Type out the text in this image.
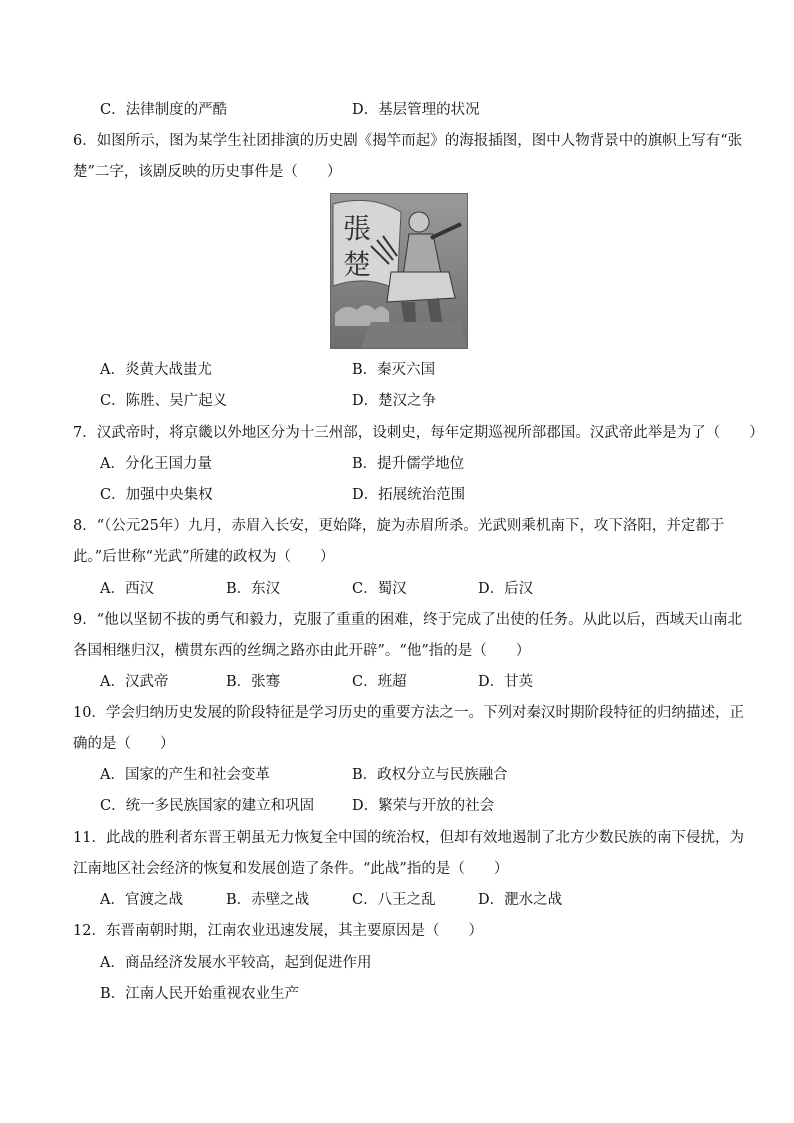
C．法律制度的严酷	D．基层管理的状况
6．如图所示，图为某学生社团排演的历史剧《揭竿而起》的海报插图，图中人物背景中的旗帜上写有“张
楚”二字，该剧反映的历史事件是（　　）
張
楚
A．炎黄大战蚩尤	B．秦灭六国
C．陈胜、吴广起义	D．楚汉之争
7．汉武帝时，将京畿以外地区分为十三州部，设刺史，每年定期巡视所部郡国。汉武帝此举是为了（　　）
A．分化王国力量	B．提升儒学地位
C．加强中央集权	D．拓展统治范围
8．“（公元25年）九月，赤眉入长安，更始降，旋为赤眉所杀。光武则乘机南下，攻下洛阳，并定都于
此。”后世称“光武”所建的政权为（　　）
A．西汉	B．东汉	C．蜀汉	D．后汉
9．“他以坚韧不拔的勇气和毅力，克服了重重的困难，终于完成了出使的任务。从此以后，西域天山南北
各国相继归汉，横贯东西的丝绸之路亦由此开辟”。“他”指的是（　　）
A．汉武帝	B．张骞	C．班超	D．甘英
10．学会归纳历史发展的阶段特征是学习历史的重要方法之一。下列对秦汉时期阶段特征的归纳描述，正
确的是（　　）
A．国家的产生和社会变革	B．政权分立与民族融合
C．统一多民族国家的建立和巩固	D．繁荣与开放的社会
11．此战的胜利者东晋王朝虽无力恢复全中国的统治权，但却有效地遏制了北方少数民族的南下侵扰，为
江南地区社会经济的恢复和发展创造了条件。“此战”指的是（　　）
A．官渡之战	B．赤壁之战	C．八王之乱	D．淝水之战
12．东晋南朝时期，江南农业迅速发展，其主要原因是（　　）
A．商品经济发展水平较高，起到促进作用
B．江南人民开始重视农业生产
